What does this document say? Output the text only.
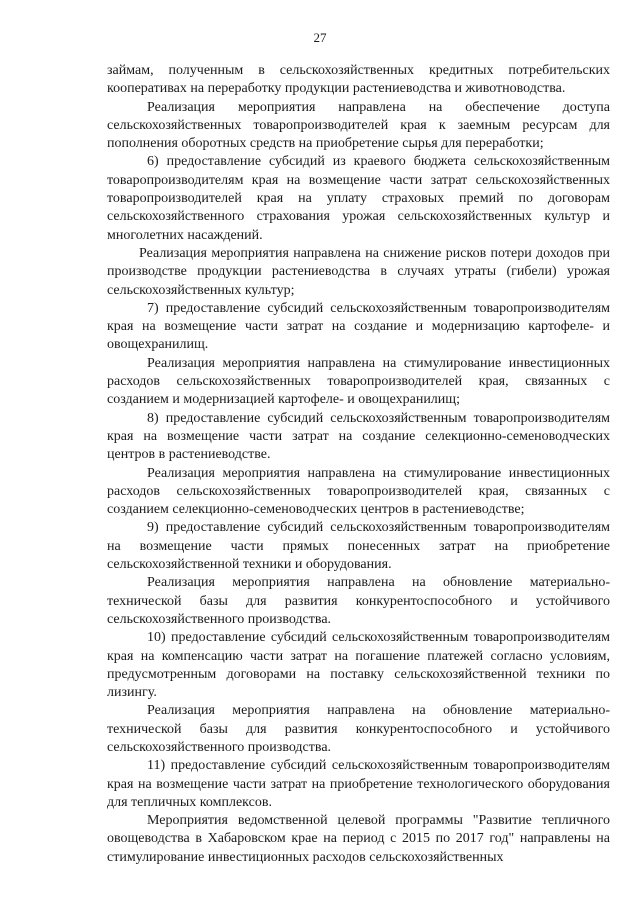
27

займам, полученным в сельскохозяйственных кредитных потребительских кооперативах на переработку продукции растениеводства и животноводства.

Реализация мероприятия направлена на обеспечение доступа сельскохозяйственных товаропроизводителей края к заемным ресурсам для пополнения оборотных средств на приобретение сырья для переработки;

6) предоставление субсидий из краевого бюджета сельскохозяйственным товаропроизводителям края на возмещение части затрат сельскохозяйственных товаропроизводителей края на уплату страховых премий по договорам сельскохозяйственного страхования урожая сельскохозяйственных культур и многолетних насаждений.

Реализация мероприятия направлена на снижение рисков потери доходов при производстве продукции растениеводства в случаях утраты (гибели) урожая сельскохозяйственных культур;

7) предоставление субсидий сельскохозяйственным товаропроизводителям края на возмещение части затрат на создание и модернизацию картофеле- и овощехранилищ.

Реализация мероприятия направлена на стимулирование инвестиционных расходов сельскохозяйственных товаропроизводителей края, связанных с созданием и модернизацией картофеле- и овощехранилищ;

8) предоставление субсидий сельскохозяйственным товаропроизводителям края на возмещение части затрат на создание селекционно-семеноводческих центров в растениеводстве.

Реализация мероприятия направлена на стимулирование инвестиционных расходов сельскохозяйственных товаропроизводителей края, связанных с созданием селекционно-семеноводческих центров в растениеводстве;

9) предоставление субсидий сельскохозяйственным товаропроизводителям на возмещение части прямых понесенных затрат на приобретение сельскохозяйственной техники и оборудования.

Реализация мероприятия направлена на обновление материально-технической базы для развития конкурентоспособного и устойчивого сельскохозяйственного производства.

10) предоставление субсидий сельскохозяйственным товаропроизводителям края на компенсацию части затрат на погашение платежей согласно условиям, предусмотренным договорами на поставку сельскохозяйственной техники по лизингу.

Реализация мероприятия направлена на обновление материально-технической базы для развития конкурентоспособного и устойчивого сельскохозяйственного производства.

11) предоставление субсидий сельскохозяйственным товаропроизводителям края на возмещение части затрат на приобретение технологического оборудования для тепличных комплексов.

Мероприятия ведомственной целевой программы "Развитие тепличного овощеводства в Хабаровском крае на период с 2015 по 2017 год" направлены на стимулирование инвестиционных расходов сельскохозяйственных
